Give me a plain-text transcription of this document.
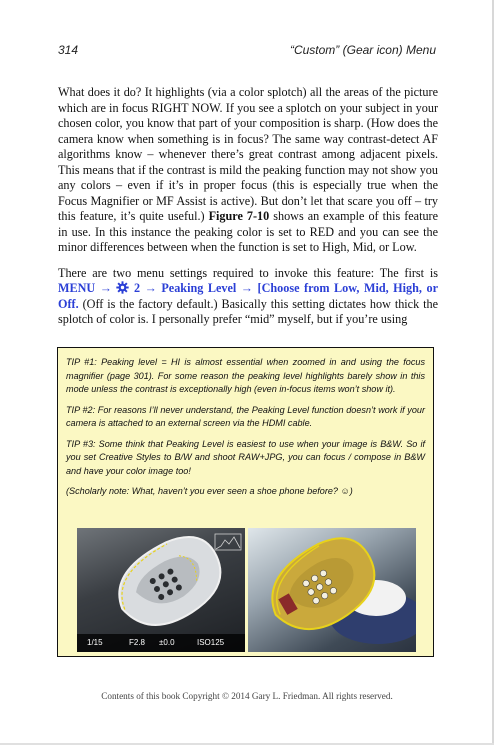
314	“Custom” (Gear icon) Menu

What does it do? It highlights (via a color splotch) all the areas of the picture which are in focus RIGHT NOW. If you see a splotch on your subject in your chosen color, you know that part of your composition is sharp. (How does the camera know when something is in focus? The same way contrast-detect AF algorithms know – whenever there’s great contrast among adjacent pixels. This means that if the contrast is mild the peaking function may not show you any colors – even if it’s in proper focus (this is especially true when the Focus Magnifier or MF Assist is active). But don’t let that scare you off – try this feature, it’s quite useful.) Figure 7-10 shows an example of this feature in use. In this instance the peaking color is set to RED and you can see the minor differences between when the function is set to High, Mid, or Low.

There are two menu settings required to invoke this feature: The first is MENU → 2 → Peaking Level → [Choose from Low, Mid, High, or Off. (Off is the factory default.) Basically this setting dictates how thick the splotch of color is. I personally prefer “mid” myself, but if you’re using

TIP #1: Peaking level = HI is almost essential when zoomed in and using the focus magnifier (page 301). For some reason the peaking level highlights barely show in this mode unless the contrast is exceptionally high (even in-focus items won’t show it).

TIP #2: For reasons I’ll never understand, the Peaking Level function doesn’t work if your camera is attached to an external screen via the HDMI cable.

TIP #3: Some think that Peaking Level is easiest to use when your image is B&W. So if you set Creative Styles to B/W and shoot RAW+JPG, you can focus / compose in B&W and have your color image too!

(Scholarly note: What, haven’t you ever seen a shoe phone before? ☺)

1/15	F2.8 ±0.0	ISO125
Contents of this book Copyright © 2014 Gary L. Friedman. All rights reserved.
